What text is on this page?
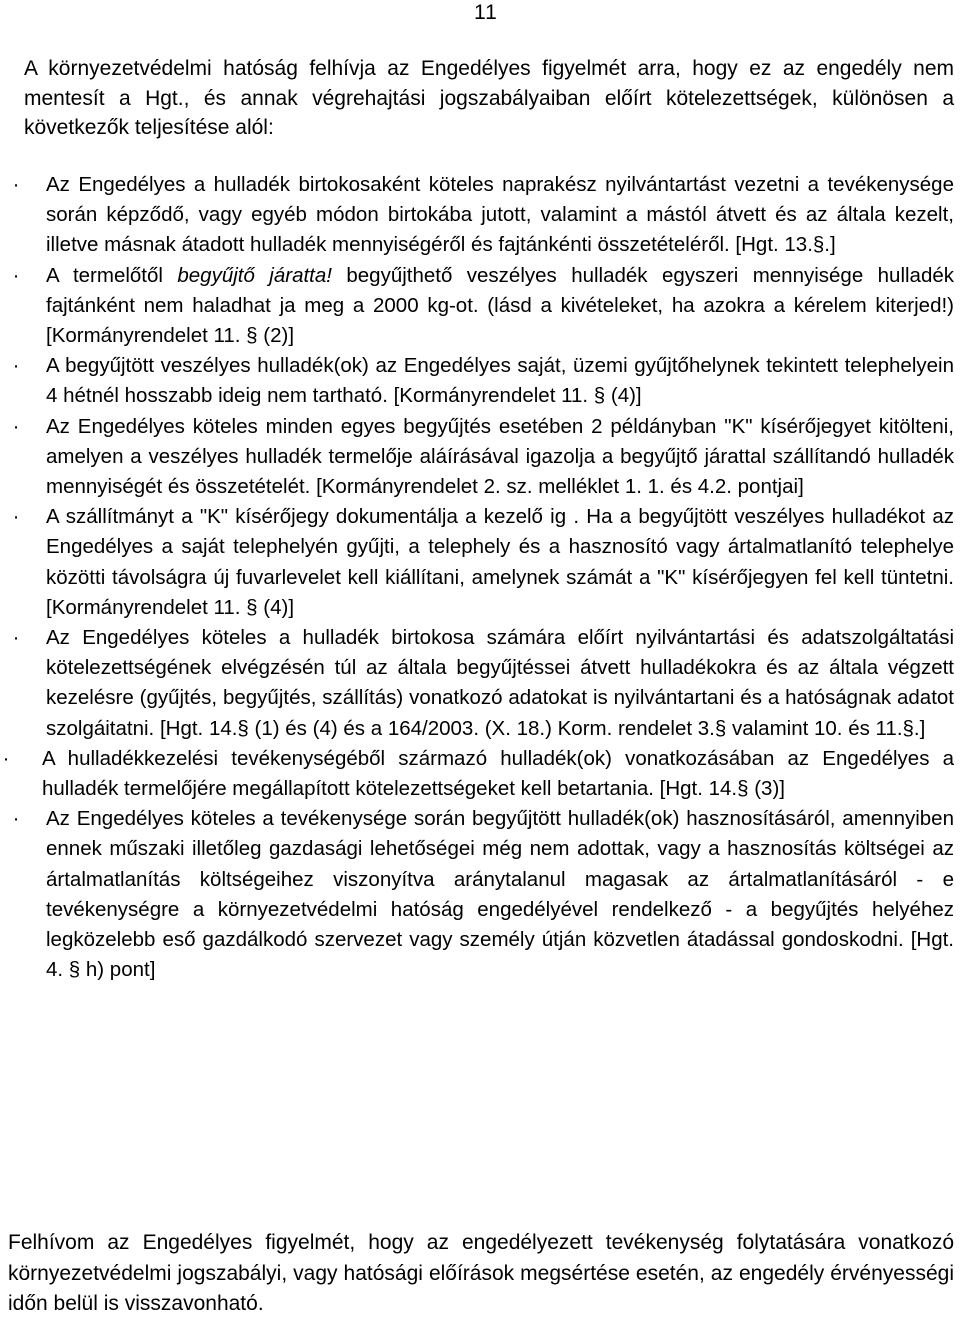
11

A környezetvédelmi hatóság felhívja az Engedélyes figyelmét arra, hogy ez az engedély nem mentesít a Hgt., és annak végrehajtási jogszabályaiban előírt kötelezettségek, különösen a következők teljesítése alól:

· Az Engedélyes a hulladék birtokosaként köteles naprakész nyilvántartást vezetni a tevékenysége során képződő, vagy egyéb módon birtokába jutott, valamint a mástól átvett és az általa kezelt, illetve másnak átadott hulladék mennyiségéről és fajtánkénti összetételéről. [Hgt. 13.§.]
· A termelőtől begyűjtő járatta! begyűjthető veszélyes hulladék egyszeri mennyisége hulladék fajtánként nem haladhat ja meg a 2000 kg-ot. (lásd a kivételeket, ha azokra a kérelem kiterjed!) [Kormányrendelet 11. § (2)]
· A begyűjtött veszélyes hulladék(ok) az Engedélyes saját, üzemi gyűjtőhelynek tekintett telephelyein 4 hétnél hosszabb ideig nem tartható. [Kormányrendelet 11. § (4)]
· Az Engedélyes köteles minden egyes begyűjtés esetében 2 példányban "K" kísérőjegyet kitölteni, amelyen a veszélyes hulladék termelője aláírásával igazolja a begyűjtő járattal szállítandó hulladék mennyiségét és összetételét. [Kormányrendelet 2. sz. melléklet 1. 1. és 4.2. pontjai]
· A szállítmányt a "K" kísérőjegy dokumentálja a kezelő ig . Ha a begyűjtött veszélyes hulladékot az Engedélyes a saját telephelyén gyűjti, a telephely és a hasznosító vagy ártalmatlanító telephelye közötti távolságra új fuvarlevelet kell kiállítani, amelynek számát a "K" kísérőjegyen fel kell tüntetni. [Kormányrendelet 11. § (4)]
· Az Engedélyes köteles a hulladék birtokosa számára előírt nyilvántartási és adatszolgáltatási kötelezettségének elvégzésén túl az általa begyűjtéssei átvett hulladékokra és az általa végzett kezelésre (gyűjtés, begyűjtés, szállítás) vonatkozó adatokat is nyilvántartani és a hatóságnak adatot szolgáitatni. [Hgt. 14.§ (1) és (4) és a 164/2003. (X. 18.) Korm. rendelet 3.§ valamint 10. és 11.§.]
· A hulladékkezelési tevékenységéből származó hulladék(ok) vonatkozásában az Engedélyes a hulladék termelőjére megállapított kötelezettségeket kell betartania. [Hgt. 14.§ (3)]
· Az Engedélyes köteles a tevékenysége során begyűjtött hulladék(ok) hasznosításáról, amennyiben ennek műszaki illetőleg gazdasági lehetőségei még nem adottak, vagy a hasznosítás költségei az ártalmatlanítás költségeihez viszonyítva aránytalanul magasak az ártalmatlanításáról - e tevékenységre a környezetvédelmi hatóság engedélyével rendelkező - a begyűjtés helyéhez legközelebb eső gazdálkodó szervezet vagy személy útján közvetlen átadással gondoskodni. [Hgt. 4. § h) pont]

Felhívom az Engedélyes figyelmét, hogy az engedélyezett tevékenység folytatására vonatkozó környezetvédelmi jogszabályi, vagy hatósági előírások megsértése esetén, az engedély érvényességi időn belül is visszavonható.
